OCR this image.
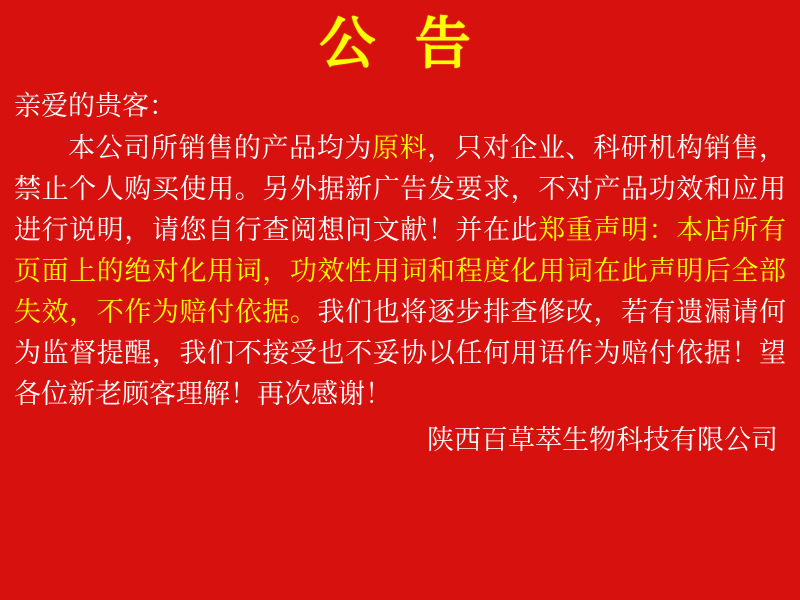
公 告

亲爱的贵客：

本公司所销售的产品均为原料，只对企业、科研机构销售，禁止个人购买使用。另外据新广告发要求，不对产品功效和应用进行说明，请您自行查阅想问文献！并在此郑重声明：本店所有页面上的绝对化用词，功效性用词和程度化用词在此声明后全部失效，不作为赔付依据。我们也将逐步排查修改，若有遗漏请何为监督提醒，我们不接受也不妥协以任何用语作为赔付依据！望各位新老顾客理解！再次感谢！

陕西百草萃生物科技有限公司
